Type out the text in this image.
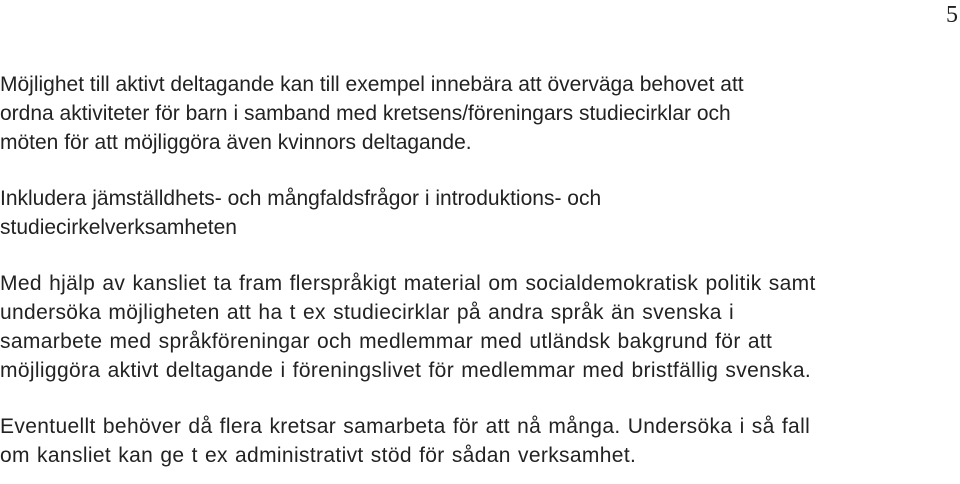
5

Möjlighet till aktivt deltagande kan till exempel innebära att överväga behovet att
ordna aktiviteter för barn i samband med kretsens/föreningars studiecirklar och
möten för att möjliggöra även kvinnors deltagande.

Inkludera jämställdhets- och mångfaldsfrågor i introduktions- och
studiecirkelverksamheten

Med hjälp av kansliet ta fram flerspråkigt material om socialdemokratisk politik samt
undersöka möjligheten att ha t ex studiecirklar på andra språk än svenska i
samarbete med språkföreningar och medlemmar med utländsk bakgrund för att
möjliggöra aktivt deltagande i föreningslivet för medlemmar med bristfällig svenska.

Eventuellt behöver då flera kretsar samarbeta för att nå många. Undersöka i så fall
om kansliet kan ge t ex administrativt stöd för sådan verksamhet.
